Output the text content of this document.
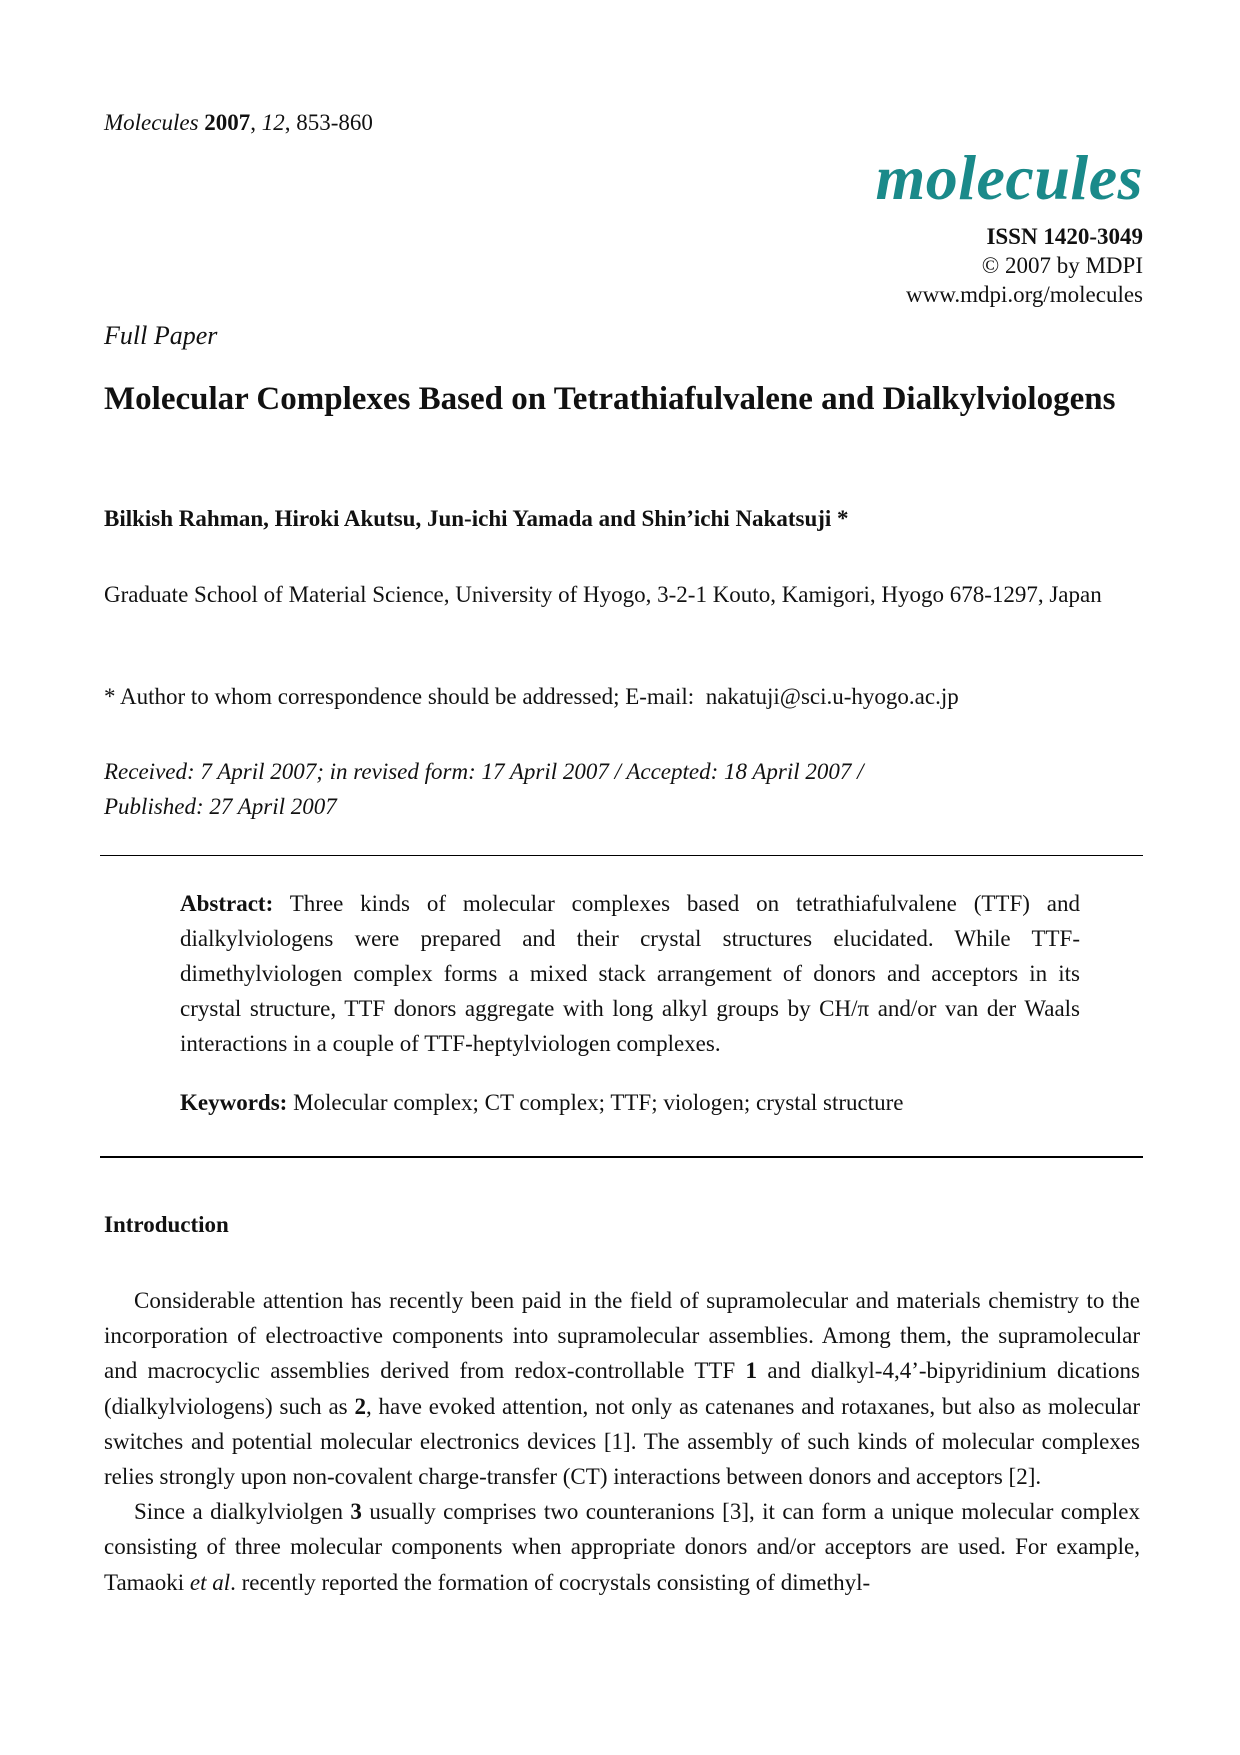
Molecules 2007, 12, 853-860
molecules
ISSN 1420-3049
© 2007 by MDPI
www.mdpi.org/molecules
Full Paper
Molecular Complexes Based on Tetrathiafulvalene and Dialkylviologens
Bilkish Rahman, Hiroki Akutsu, Jun-ichi Yamada and Shin’ichi Nakatsuji *
Graduate School of Material Science, University of Hyogo, 3-2-1 Kouto, Kamigori, Hyogo 678-1297, Japan
* Author to whom correspondence should be addressed; E-mail: nakatuji@sci.u-hyogo.ac.jp
Received: 7 April 2007; in revised form: 17 April 2007 / Accepted: 18 April 2007 /
Published: 27 April 2007
Abstract: Three kinds of molecular complexes based on tetrathiafulvalene (TTF) and dialkylviologens were prepared and their crystal structures elucidated. While TTF-dimethylviologen complex forms a mixed stack arrangement of donors and acceptors in its crystal structure, TTF donors aggregate with long alkyl groups by CH/π and/or van der Waals interactions in a couple of TTF-heptylviologen complexes.
Keywords: Molecular complex; CT complex; TTF; viologen; crystal structure
Introduction

Considerable attention has recently been paid in the field of supramolecular and materials chemistry to the incorporation of electroactive components into supramolecular assemblies. Among them, the supramolecular and macrocyclic assemblies derived from redox-controllable TTF 1 and dialkyl-4,4’-bipyridinium dications (dialkylviologens) such as 2, have evoked attention, not only as catenanes and rotaxanes, but also as molecular switches and potential molecular electronics devices [1]. The assembly of such kinds of molecular complexes relies strongly upon non-covalent charge-transfer (CT) interactions between donors and acceptors [2].

Since a dialkylviolgen 3 usually comprises two counteranions [3], it can form a unique molecular complex consisting of three molecular components when appropriate donors and/or acceptors are used. For example, Tamaoki et al. recently reported the formation of cocrystals consisting of dimethyl-
